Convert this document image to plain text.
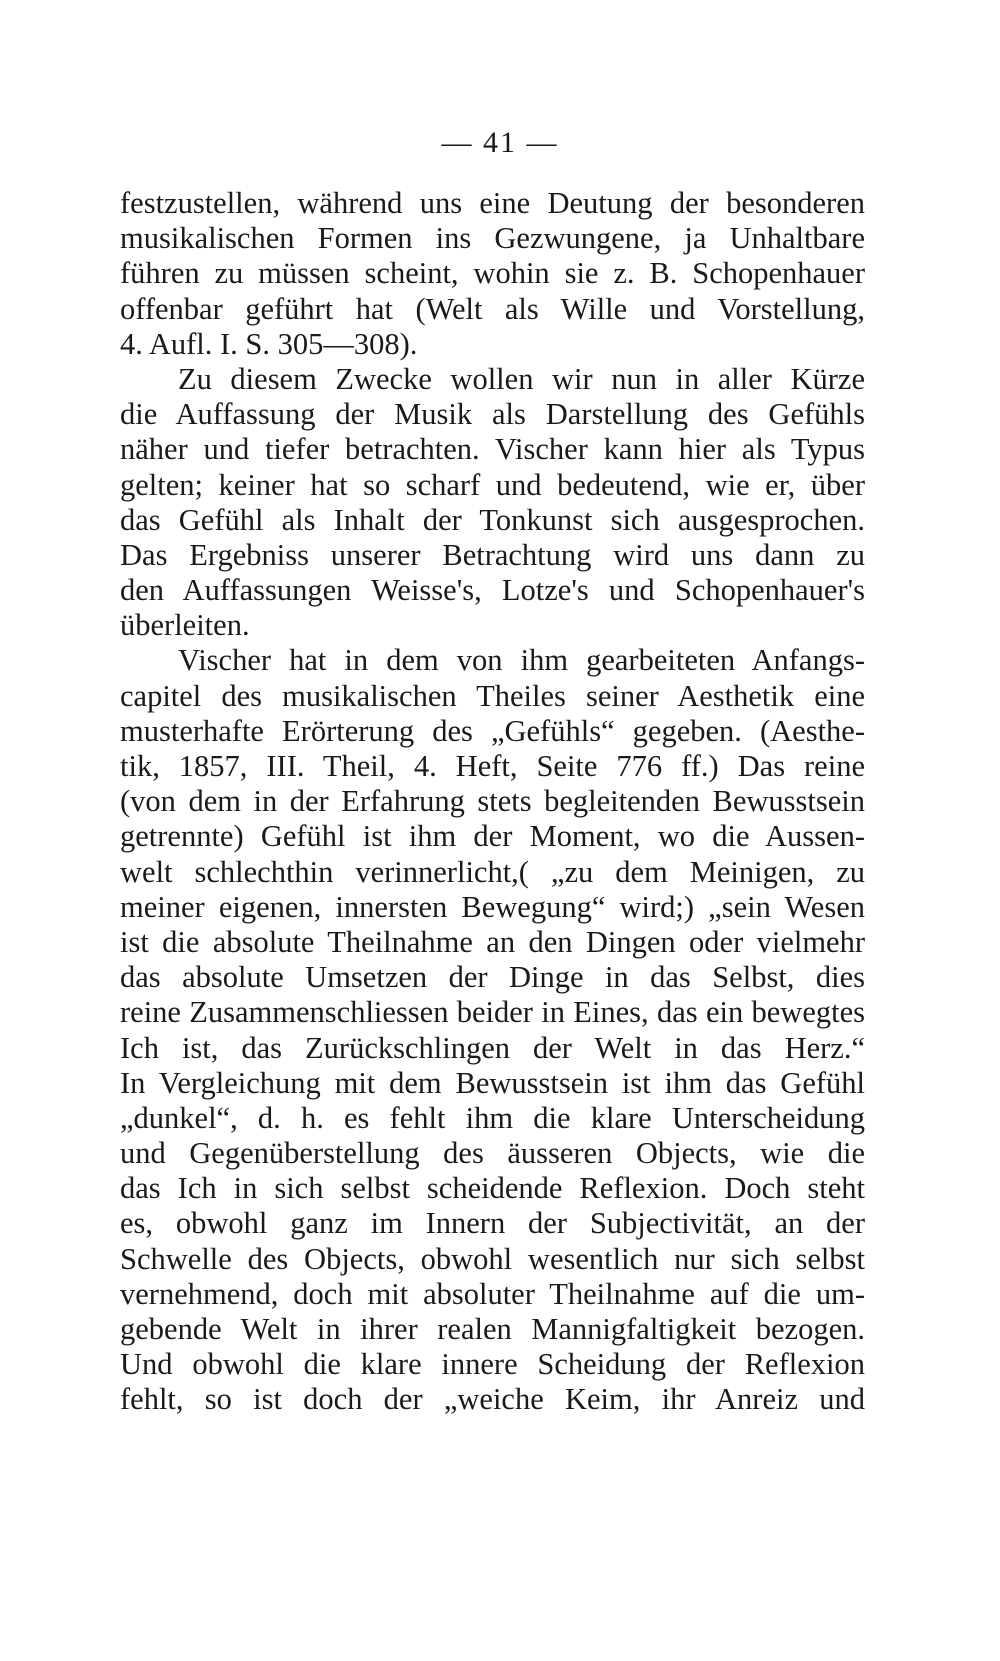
— 41 —
festzustellen, während uns eine Deutung der besonderen
musikalischen Formen ins Gezwungene, ja Unhaltbare
führen zu müssen scheint, wohin sie z. B. Schopenhauer
offenbar geführt hat (Welt als Wille und Vorstellung,
4. Aufl. I. S. 305—308).
Zu diesem Zwecke wollen wir nun in aller Kürze
die Auffassung der Musik als Darstellung des Gefühls
näher und tiefer betrachten. Vischer kann hier als Typus
gelten; keiner hat so scharf und bedeutend, wie er, über
das Gefühl als Inhalt der Tonkunst sich ausgesprochen.
Das Ergebniss unserer Betrachtung wird uns dann zu
den Auffassungen Weisse's, Lotze's und Schopenhauer's
überleiten.
Vischer hat in dem von ihm gearbeiteten Anfangs-
capitel des musikalischen Theiles seiner Aesthetik eine
musterhafte Erörterung des „Gefühls“ gegeben. (Aesthe-
tik, 1857, III. Theil, 4. Heft, Seite 776 ff.) Das reine
(von dem in der Erfahrung stets begleitenden Bewusstsein
getrennte) Gefühl ist ihm der Moment, wo die Aussen-
welt schlechthin verinnerlicht,( „zu dem Meinigen, zu
meiner eigenen, innersten Bewegung“ wird;) „sein Wesen
ist die absolute Theilnahme an den Dingen oder vielmehr
das absolute Umsetzen der Dinge in das Selbst, dies
reine Zusammenschliessen beider in Eines, das ein bewegtes
Ich ist, das Zurückschlingen der Welt in das Herz.“
In Vergleichung mit dem Bewusstsein ist ihm das Gefühl
„dunkel“, d. h. es fehlt ihm die klare Unterscheidung
und Gegenüberstellung des äusseren Objects, wie die
das Ich in sich selbst scheidende Reflexion. Doch steht
es, obwohl ganz im Innern der Subjectivität, an der
Schwelle des Objects, obwohl wesentlich nur sich selbst
vernehmend, doch mit absoluter Theilnahme auf die um-
gebende Welt in ihrer realen Mannigfaltigkeit bezogen.
Und obwohl die klare innere Scheidung der Reflexion
fehlt, so ist doch der „weiche Keim, ihr Anreiz und
